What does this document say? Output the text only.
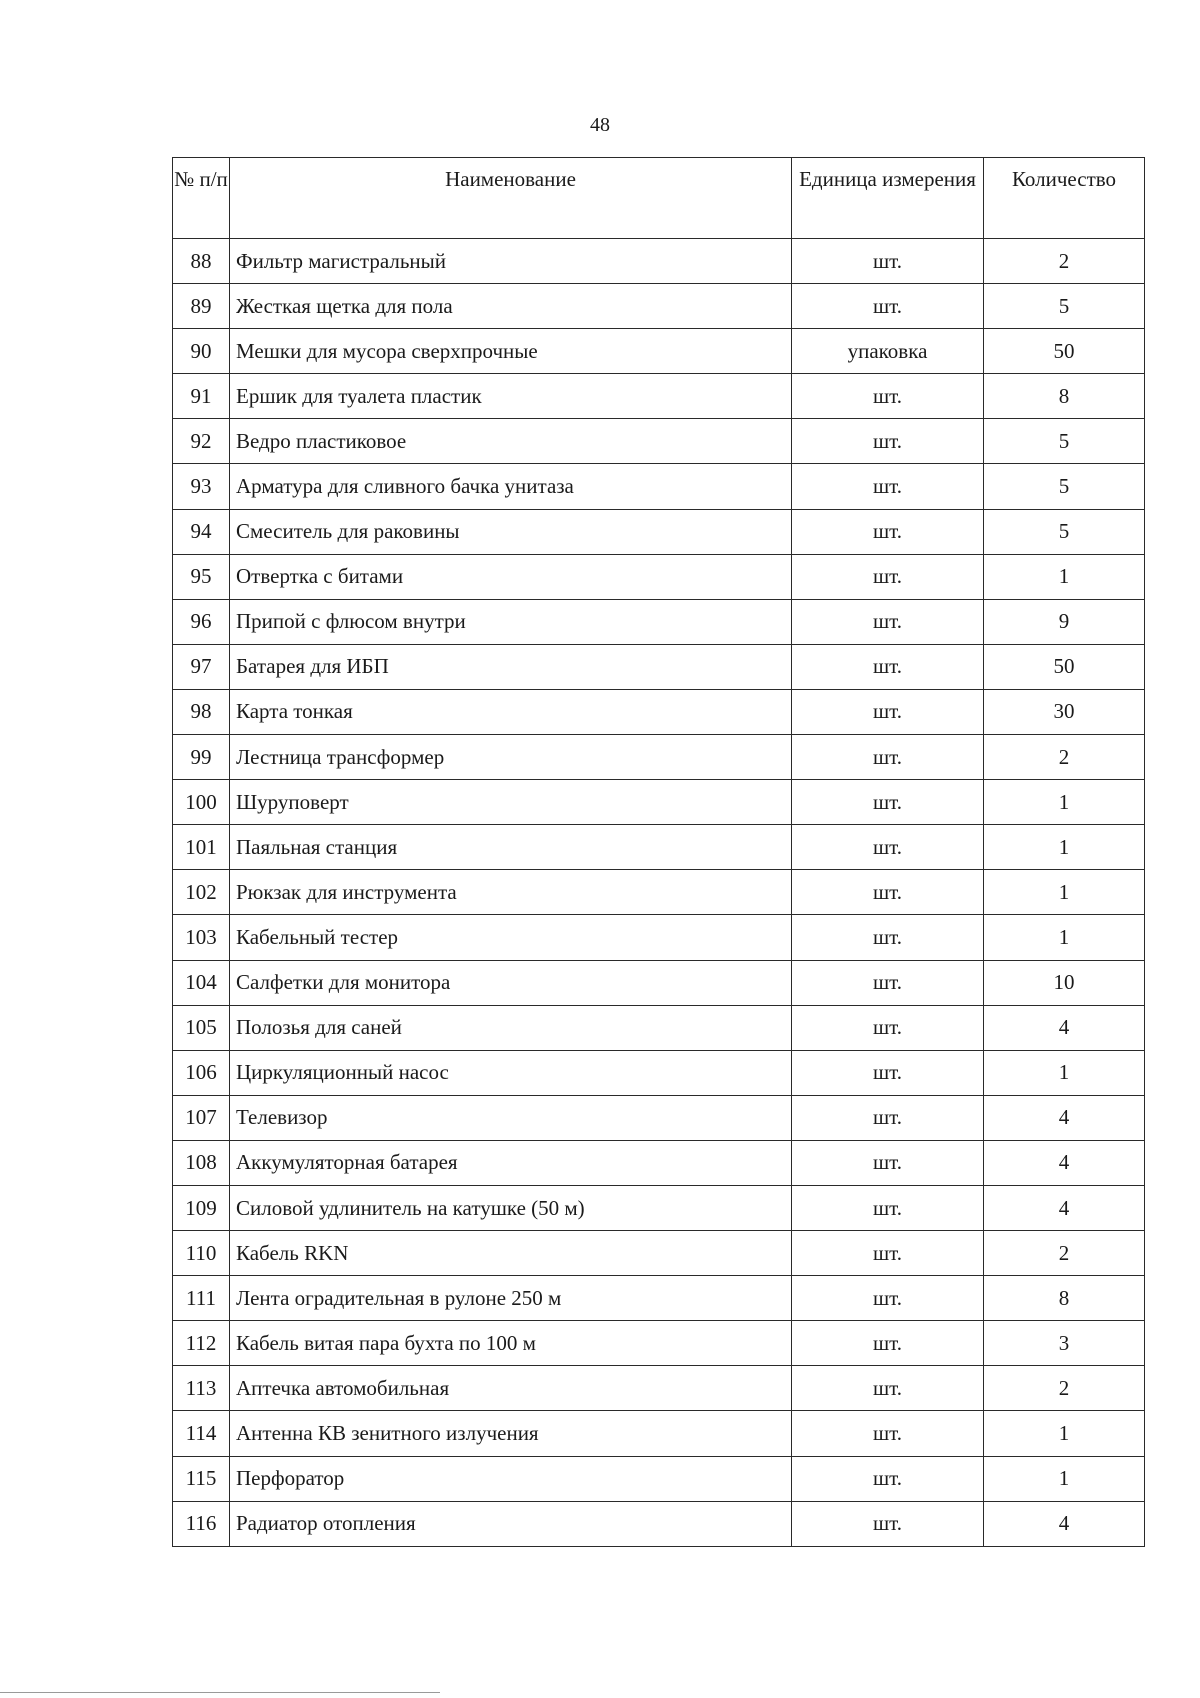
48
№ п/п	Наименование	Единица измерения	Количество
88	Фильтр магистральный	шт.	2
89	Жесткая щетка для пола	шт.	5
90	Мешки для мусора сверхпрочные	упаковка	50
91	Ершик для туалета пластик	шт.	8
92	Ведро пластиковое	шт.	5
93	Арматура для сливного бачка унитаза	шт.	5
94	Смеситель для раковины	шт.	5
95	Отвертка с битами	шт.	1
96	Припой с флюсом внутри	шт.	9
97	Батарея для ИБП	шт.	50
98	Карта тонкая	шт.	30
99	Лестница трансформер	шт.	2
100	Шуруповерт	шт.	1
101	Паяльная станция	шт.	1
102	Рюкзак для инструмента	шт.	1
103	Кабельный тестер	шт.	1
104	Салфетки для монитора	шт.	10
105	Полозья для саней	шт.	4
106	Циркуляционный насос	шт.	1
107	Телевизор	шт.	4
108	Аккумуляторная батарея	шт.	4
109	Силовой удлинитель на катушке (50 м)	шт.	4
110	Кабель RKN	шт.	2
111	Лента оградительная в рулоне 250 м	шт.	8
112	Кабель витая пара бухта по 100 м	шт.	3
113	Аптечка автомобильная	шт.	2
114	Антенна КВ зенитного излучения	шт.	1
115	Перфоратор	шт.	1
116	Радиатор отопления	шт.	4
